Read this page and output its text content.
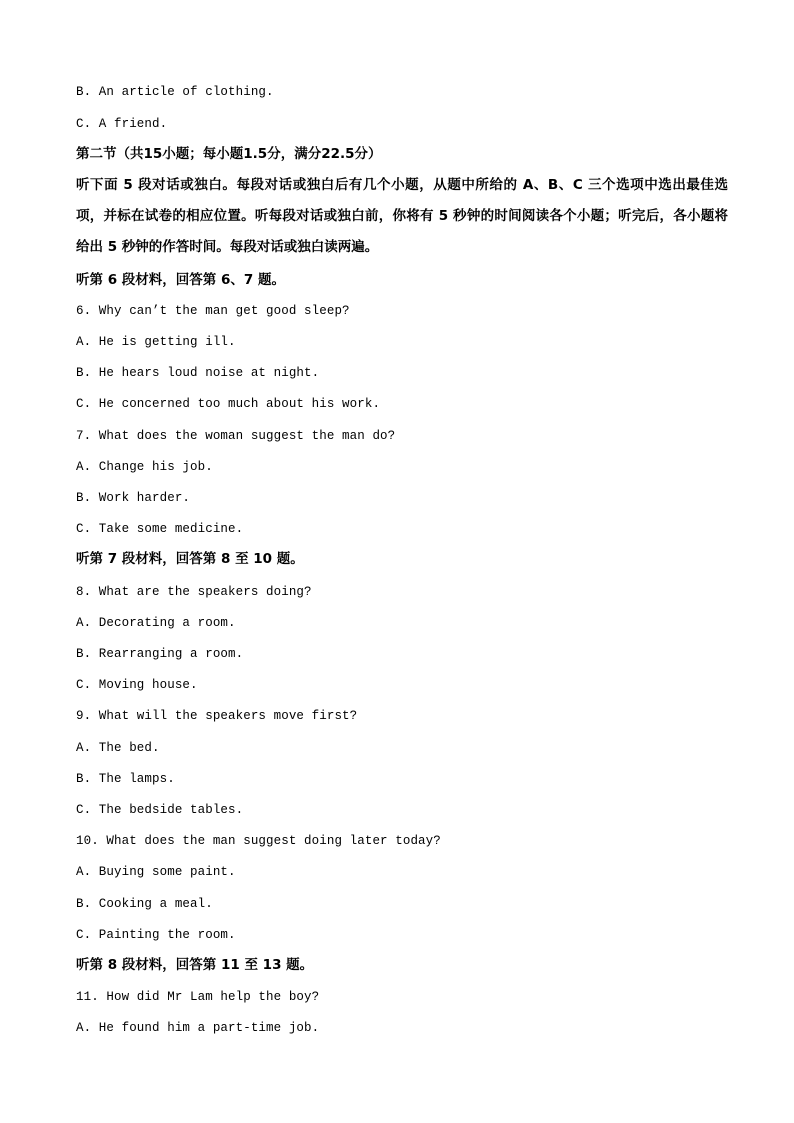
B. An article of clothing.
C. A friend.
第二节（共15小题；每小题1.5分，满分22.5分）
听下面 5 段对话或独白。每段对话或独白后有几个小题，从题中所给的 A、B、C 三个选项中选出最佳选项，并标在试卷的相应位置。听每段对话或独白前，你将有 5 秒钟的时间阅读各个小题；听完后，各小题将给出 5 秒钟的作答时间。每段对话或独白读两遍。
听第 6 段材料，回答第 6、7 题。
6. Why can’t the man get good sleep?
A. He is getting ill.
B. He hears loud noise at night.
C. He concerned too much about his work.
7. What does the woman suggest the man do?
A. Change his job.
B. Work harder.
C. Take some medicine.
听第 7 段材料，回答第 8 至 10 题。
8. What are the speakers doing?
A. Decorating a room.
B. Rearranging a room.
C. Moving house.
9. What will the speakers move first?
A. The bed.
B. The lamps.
C. The bedside tables.
10. What does the man suggest doing later today?
A. Buying some paint.
B. Cooking a meal.
C. Painting the room.
听第 8 段材料，回答第 11 至 13 题。
11. How did Mr Lam help the boy?
A. He found him a part-time job.
